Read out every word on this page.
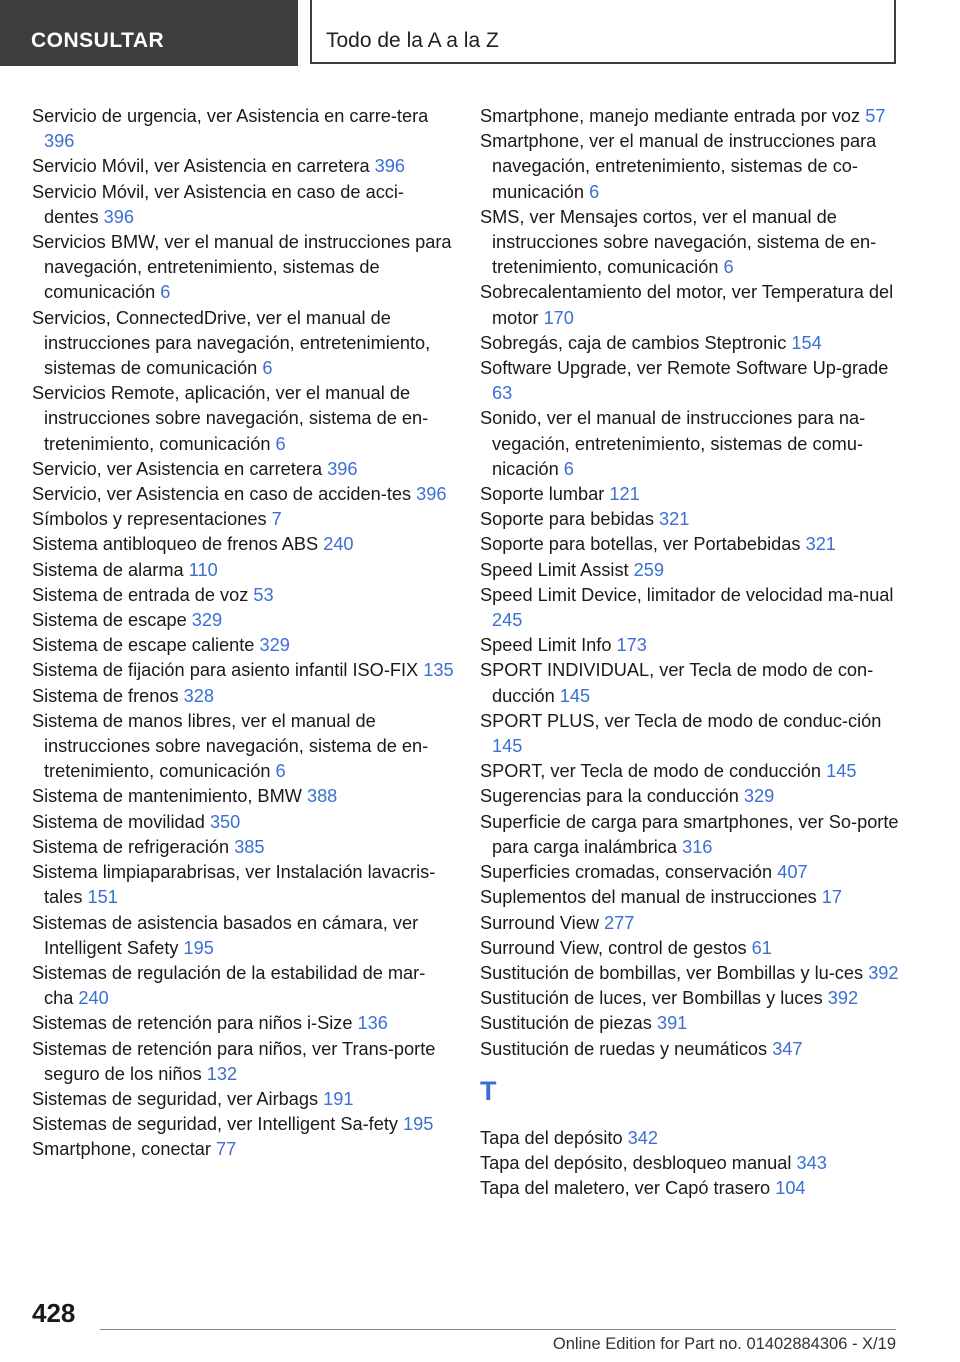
CONSULTAR	Todo de la A a la Z
Servicio de urgencia, ver Asistencia en carre‐tera 396
Servicio Móvil, ver Asistencia en carretera 396
Servicio Móvil, ver Asistencia en caso de acci‐dentes 396
Servicios BMW, ver el manual de instrucciones para navegación, entretenimiento, sistemas de comunicación 6
Servicios, ConnectedDrive, ver el manual de instrucciones para navegación, entretenimiento, sistemas de comunicación 6
Servicios Remote, aplicación, ver el manual de instrucciones sobre navegación, sistema de en‐tretenimiento, comunicación 6
Servicio, ver Asistencia en carretera 396
Servicio, ver Asistencia en caso de acciden‐tes 396
Símbolos y representaciones 7
Sistema antibloqueo de frenos ABS 240
Sistema de alarma 110
Sistema de entrada de voz 53
Sistema de escape 329
Sistema de escape caliente 329
Sistema de fijación para asiento infantil ISO‐FIX 135
Sistema de frenos 328
Sistema de manos libres, ver el manual de instrucciones sobre navegación, sistema de en‐tretenimiento, comunicación 6
Sistema de mantenimiento, BMW 388
Sistema de movilidad 350
Sistema de refrigeración 385
Sistema limpiaparabrisas, ver Instalación lavacris‐tales 151
Sistemas de asistencia basados en cámara, ver Intelligent Safety 195
Sistemas de regulación de la estabilidad de mar‐cha 240
Sistemas de retención para niños i-Size 136
Sistemas de retención para niños, ver Trans‐porte seguro de los niños 132
Sistemas de seguridad, ver Airbags 191
Sistemas de seguridad, ver Intelligent Sa‐fety 195
Smartphone, conectar 77
Smartphone, manejo mediante entrada por voz 57
Smartphone, ver el manual de instrucciones para navegación, entretenimiento, sistemas de co‐municación 6
SMS, ver Mensajes cortos, ver el manual de instrucciones sobre navegación, sistema de en‐tretenimiento, comunicación 6
Sobrecalentamiento del motor, ver Temperatura del motor 170
Sobregás, caja de cambios Steptronic 154
Software Upgrade, ver Remote Software Up‐grade 63
Sonido, ver el manual de instrucciones para na‐vegación, entretenimiento, sistemas de comu‐nicación 6
Soporte lumbar 121
Soporte para bebidas 321
Soporte para botellas, ver Portabebidas 321
Speed Limit Assist 259
Speed Limit Device, limitador de velocidad ma‐nual 245
Speed Limit Info 173
SPORT INDIVIDUAL, ver Tecla de modo de con‐ducción 145
SPORT PLUS, ver Tecla de modo de conduc‐ción 145
SPORT, ver Tecla de modo de conducción 145
Sugerencias para la conducción 329
Superficie de carga para smartphones, ver So‐porte para carga inalámbrica 316
Superficies cromadas, conservación 407
Suplementos del manual de instrucciones 17
Surround View 277
Surround View, control de gestos 61
Sustitución de bombillas, ver Bombillas y lu‐ces 392
Sustitución de luces, ver Bombillas y luces 392
Sustitución de piezas 391
Sustitución de ruedas y neumáticos 347
T
Tapa del depósito 342
Tapa del depósito, desbloqueo manual 343
Tapa del maletero, ver Capó trasero 104
428
Online Edition for Part no. 01402884306 - X/19
